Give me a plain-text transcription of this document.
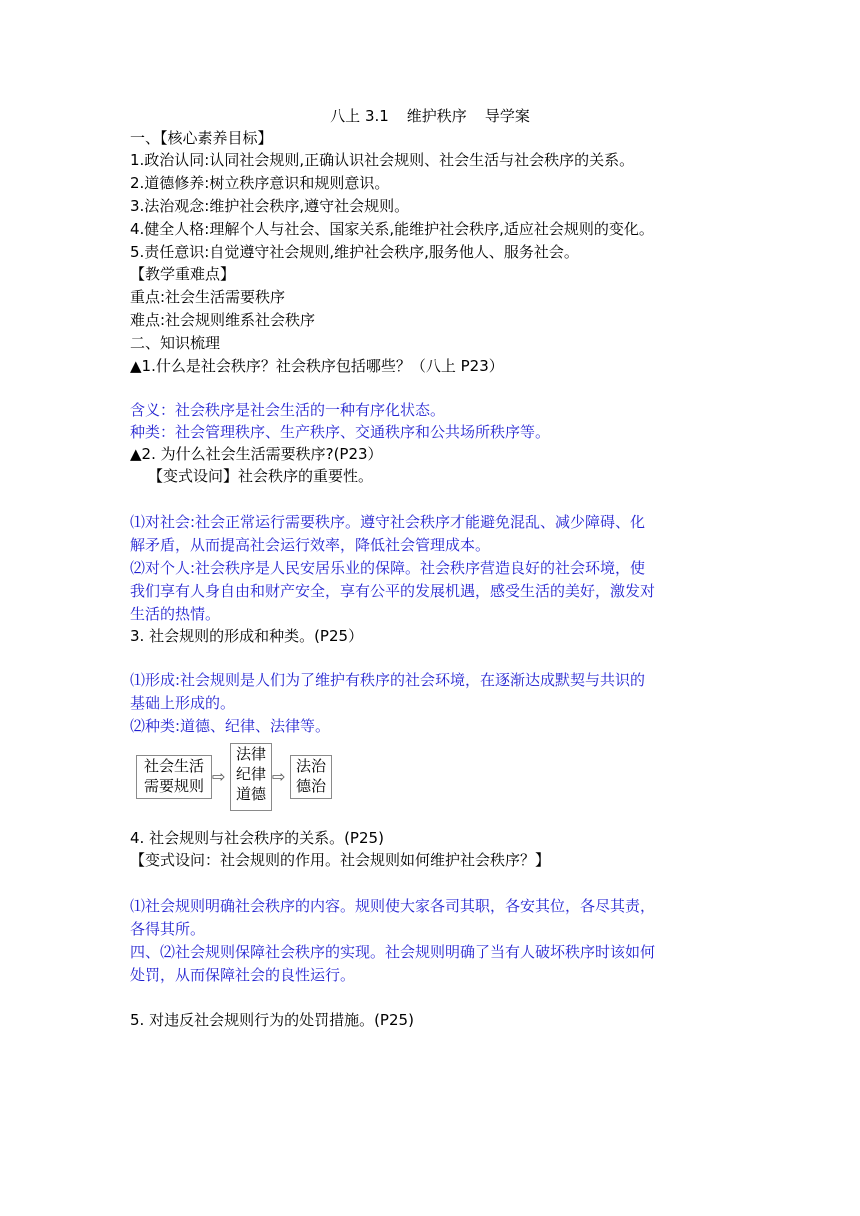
八上 3.1 维护秩序 导学案
一、【核心素养目标】
1.政治认同:认同社会规则,正确认识社会规则、社会生活与社会秩序的关系。
2.道德修养:树立秩序意识和规则意识。
3.法治观念:维护社会秩序,遵守社会规则。
4.健全人格:理解个人与社会、国家关系,能维护社会秩序,适应社会规则的变化。
5.责任意识:自觉遵守社会规则,维护社会秩序,服务他人、服务社会。
【教学重难点】
重点:社会生活需要秩序
难点:社会规则维系社会秩序
二、知识梳理
▲1.什么是社会秩序？社会秩序包括哪些？（八上 P23）
含义：社会秩序是社会生活的一种有序化状态。
种类：社会管理秩序、生产秩序、交通秩序和公共场所秩序等。
▲2. 为什么社会生活需要秩序?(P23）
【变式设问】社会秩序的重要性。
⑴对社会:社会正常运行需要秩序。遵守社会秩序才能避免混乱、减少障碍、化
解矛盾，从而提高社会运行效率，降低社会管理成本。
⑵对个人:社会秩序是人民安居乐业的保障。社会秩序营造良好的社会环境，使
我们享有人身自由和财产安全，享有公平的发展机遇，感受生活的美好，激发对
生活的热情。
3. 社会规则的形成和种类。(P25）
⑴形成:社会规则是人们为了维护有秩序的社会环境，在逐渐达成默契与共识的
基础上形成的。
⑵种类:道德、纪律、法律等。
社会生活
需要规则 ⇨
法律
纪律
道德
⇨
法治
德治
4. 社会规则与社会秩序的关系。(P25)
【变式设问：社会规则的作用。社会规则如何维护社会秩序？】
⑴社会规则明确社会秩序的内容。规则使大家各司其职，各安其位，各尽其责，
各得其所。
四、⑵社会规则保障社会秩序的实现。社会规则明确了当有人破坏秩序时该如何
处罚，从而保障社会的良性运行。
5. 对违反社会规则行为的处罚措施。(P25)
